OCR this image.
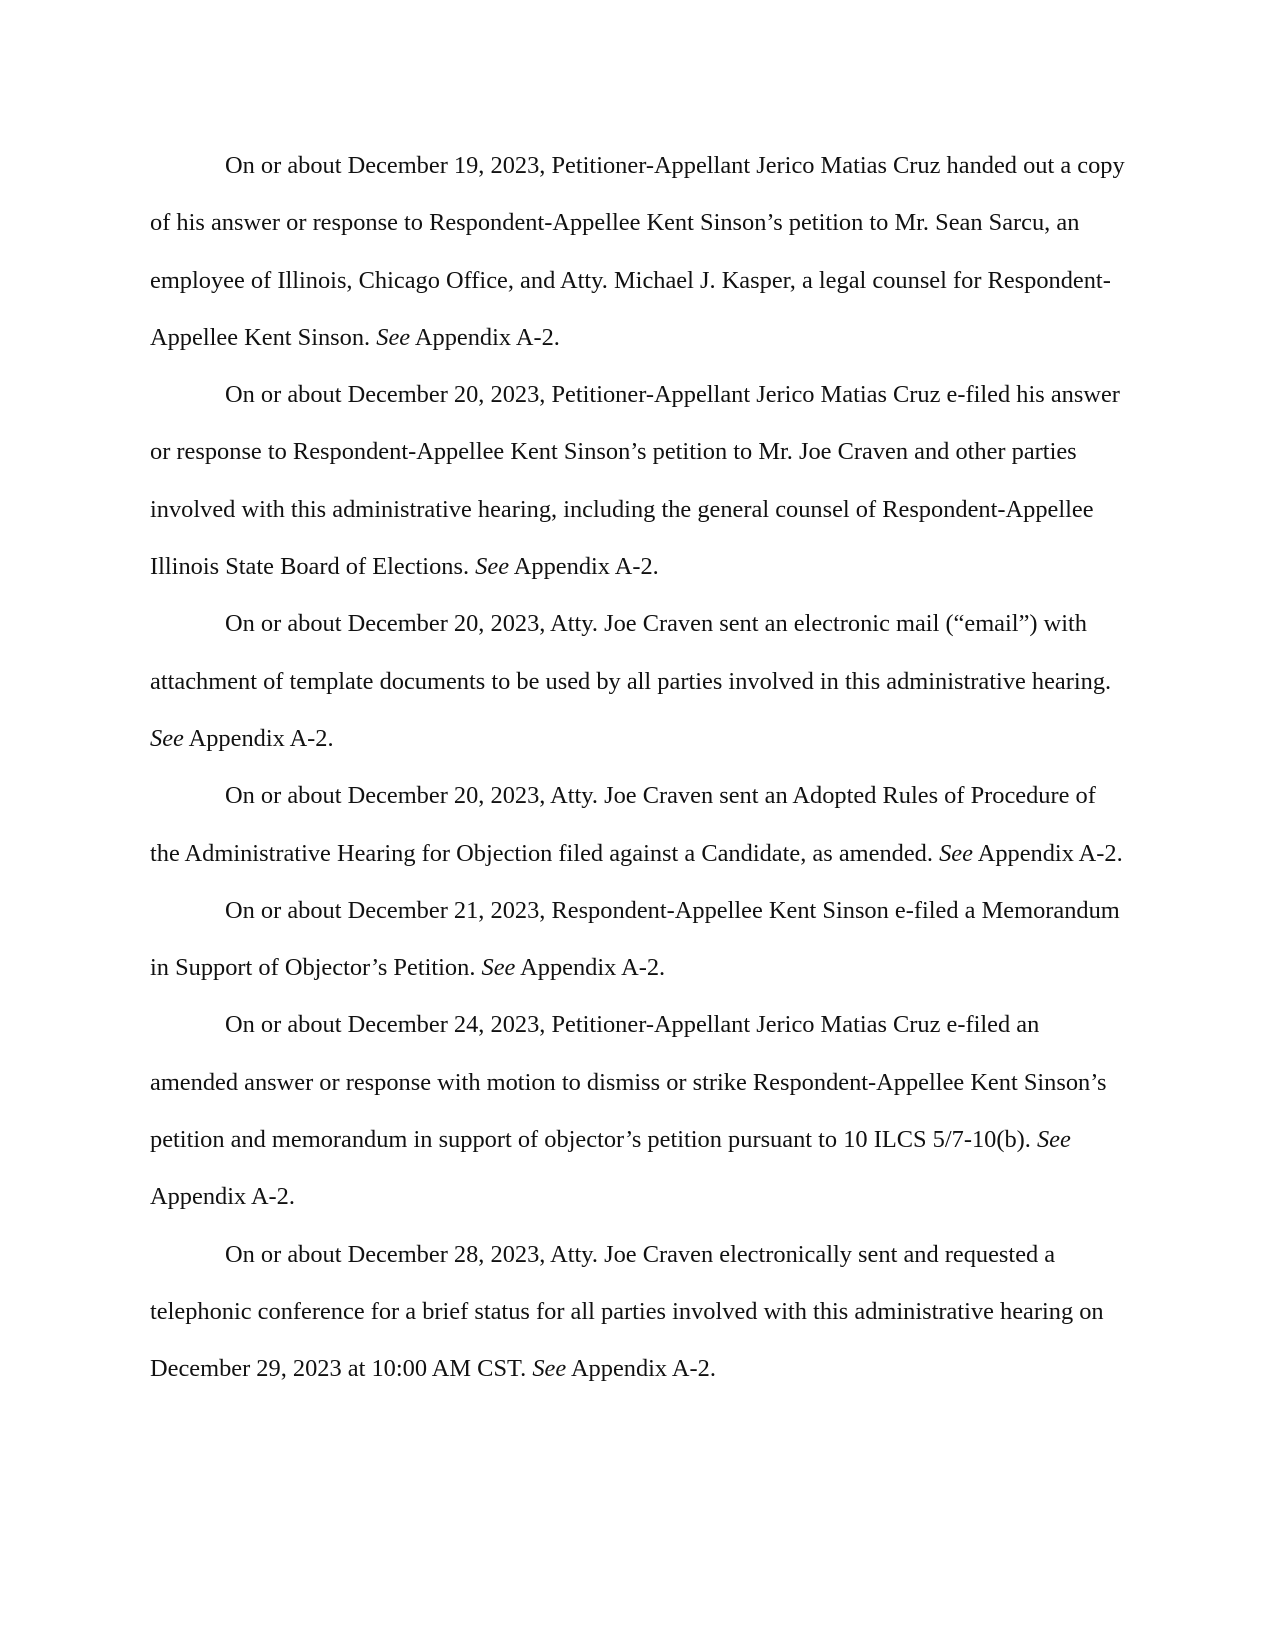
On or about December 19, 2023, Petitioner-Appellant Jerico Matias Cruz handed out a copy of his answer or response to Respondent-Appellee Kent Sinson’s petition to Mr. Sean Sarcu, an employee of Illinois, Chicago Office, and Atty. Michael J. Kasper, a legal counsel for Respondent-Appellee Kent Sinson. See Appendix A-2.

On or about December 20, 2023, Petitioner-Appellant Jerico Matias Cruz e-filed his answer or response to Respondent-Appellee Kent Sinson’s petition to Mr. Joe Craven and other parties involved with this administrative hearing, including the general counsel of Respondent-Appellee Illinois State Board of Elections. See Appendix A-2.

On or about December 20, 2023, Atty. Joe Craven sent an electronic mail (“email”) with attachment of template documents to be used by all parties involved in this administrative hearing. See Appendix A-2.

On or about December 20, 2023, Atty. Joe Craven sent an Adopted Rules of Procedure of the Administrative Hearing for Objection filed against a Candidate, as amended. See Appendix A-2.

On or about December 21, 2023, Respondent-Appellee Kent Sinson e-filed a Memorandum in Support of Objector’s Petition. See Appendix A-2.

On or about December 24, 2023, Petitioner-Appellant Jerico Matias Cruz e-filed an amended answer or response with motion to dismiss or strike Respondent-Appellee Kent Sinson’s petition and memorandum in support of objector’s petition pursuant to 10 ILCS 5/7-10(b). See Appendix A-2.

On or about December 28, 2023, Atty. Joe Craven electronically sent and requested a telephonic conference for a brief status for all parties involved with this administrative hearing on December 29, 2023 at 10:00 AM CST. See Appendix A-2.
